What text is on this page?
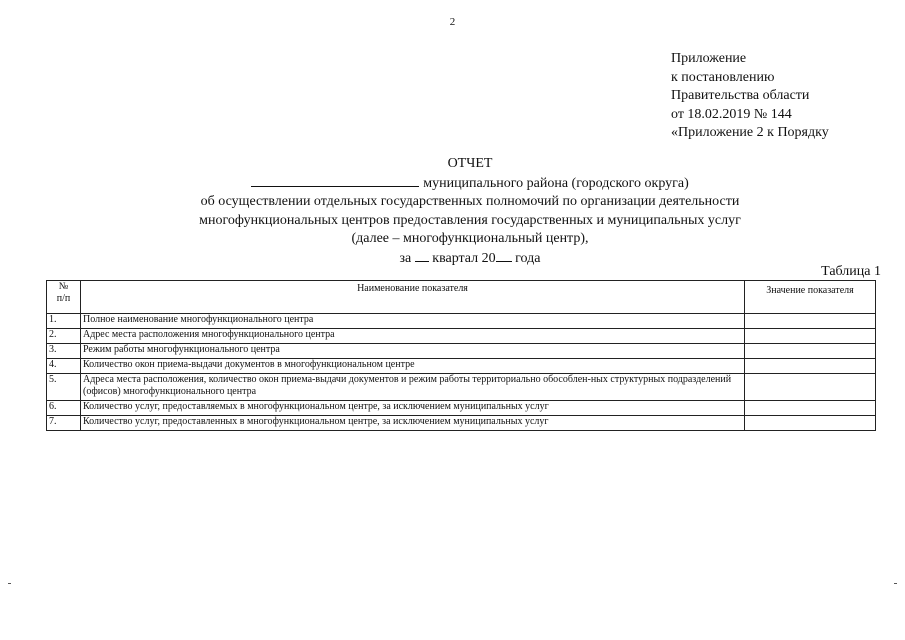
2
Приложение
к постановлению
Правительства области
от 18.02.2019 № 144
«Приложение 2 к Порядку
ОТЧЕТ
муниципального района (городского округа)
об осуществлении отдельных государственных полномочий по организации деятельности
многофункциональных центров предоставления государственных и муниципальных услуг
(далее – многофункциональный центр),
за квартал 20 года
Таблица 1
№
п/п	Наименование показателя	Значение показателя
1.	Полное наименование многофункционального центра	
2.	Адрес места расположения многофункционального центра	
3.	Режим работы многофункционального центра	
4.	Количество окон приема-выдачи документов в многофункциональном центре	
5.	Адреса места расположения, количество окон приема-выдачи документов и режим работы территориально обособлен-ных структурных подразделений (офисов) многофункционального центра	
6.	Количество услуг, предоставляемых в многофункциональном центре, за исключением муниципальных услуг	
7.	Количество услуг, предоставленных в многофункциональном центре, за исключением муниципальных услуг	
